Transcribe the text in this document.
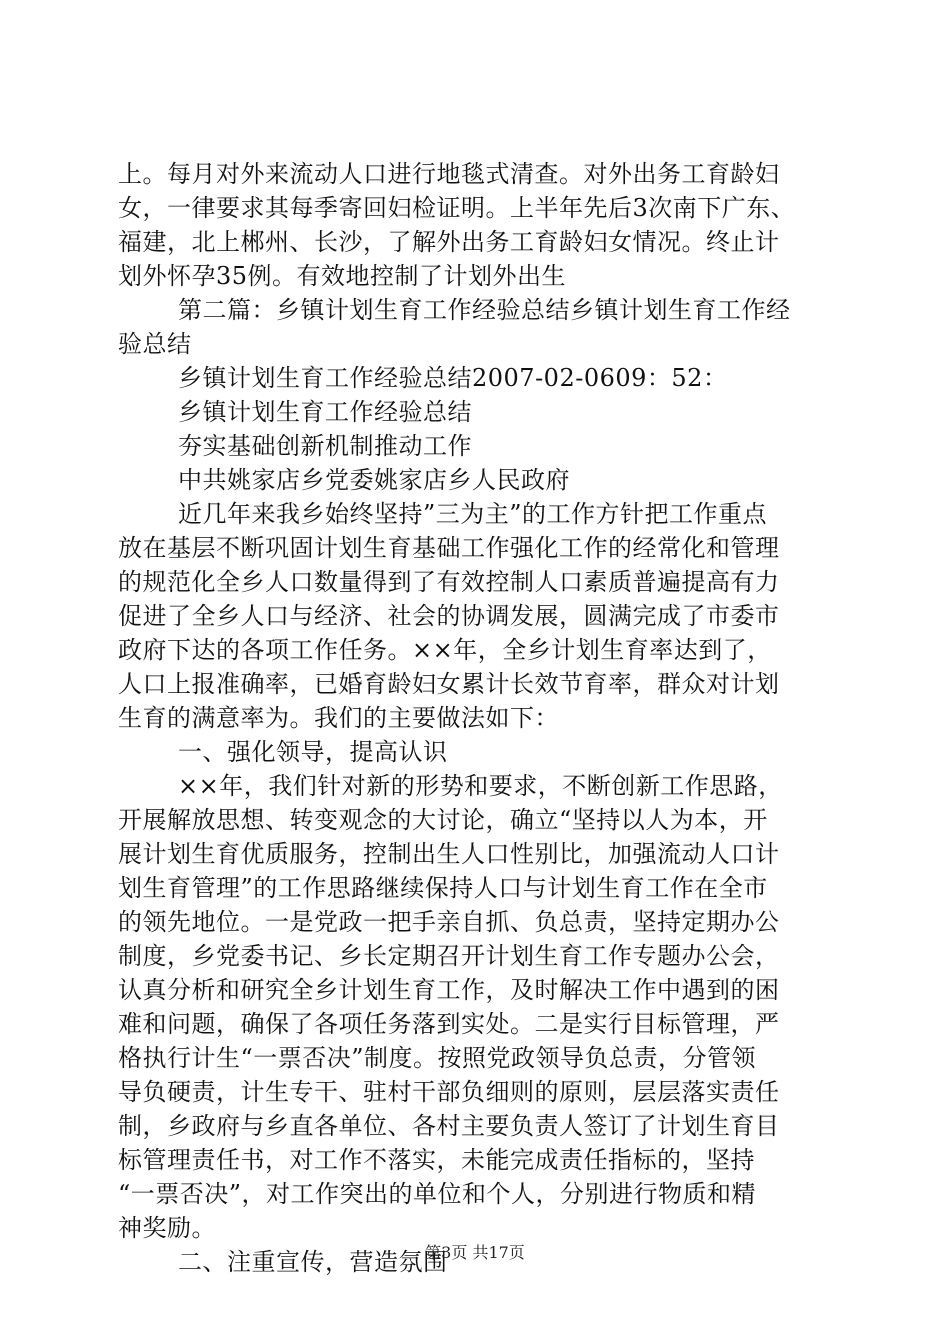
上。每月对外来流动人口进行地毯式清查。对外出务工育龄妇
女，一律要求其每季寄回妇检证明。上半年先后3次南下广东、
福建，北上郴州、长沙，了解外出务工育龄妇女情况。终止计
划外怀孕35例。有效地控制了计划外出生
第二篇：乡镇计划生育工作经验总结乡镇计划生育工作经
验总结
乡镇计划生育工作经验总结2007-02-0609：52：
乡镇计划生育工作经验总结
夯实基础创新机制推动工作
中共姚家店乡党委姚家店乡人民政府
近几年来我乡始终坚持”三为主”的工作方针把工作重点
放在基层不断巩固计划生育基础工作强化工作的经常化和管理
的规范化全乡人口数量得到了有效控制人口素质普遍提高有力
促进了全乡人口与经济、社会的协调发展，圆满完成了市委市
政府下达的各项工作任务。××年，全乡计划生育率达到了，
人口上报准确率，已婚育龄妇女累计长效节育率，群众对计划
生育的满意率为。我们的主要做法如下：
一、强化领导，提高认识
××年，我们针对新的形势和要求，不断创新工作思路，
开展解放思想、转变观念的大讨论，确立“坚持以人为本，开
展计划生育优质服务，控制出生人口性别比，加强流动人口计
划生育管理”的工作思路继续保持人口与计划生育工作在全市
的领先地位。一是党政一把手亲自抓、负总责，坚持定期办公
制度，乡党委书记、乡长定期召开计划生育工作专题办公会，
认真分析和研究全乡计划生育工作，及时解决工作中遇到的困
难和问题，确保了各项任务落到实处。二是实行目标管理，严
格执行计生“一票否决”制度。按照党政领导负总责，分管领
导负硬责，计生专干、驻村干部负细则的原则，层层落实责任
制，乡政府与乡直各单位、各村主要负责人签订了计划生育目
标管理责任书，对工作不落实，未能完成责任指标的，坚持
“一票否决”，对工作突出的单位和个人，分别进行物质和精
神奖励。
二、注重宣传，营造氛围
第3页 共17页
